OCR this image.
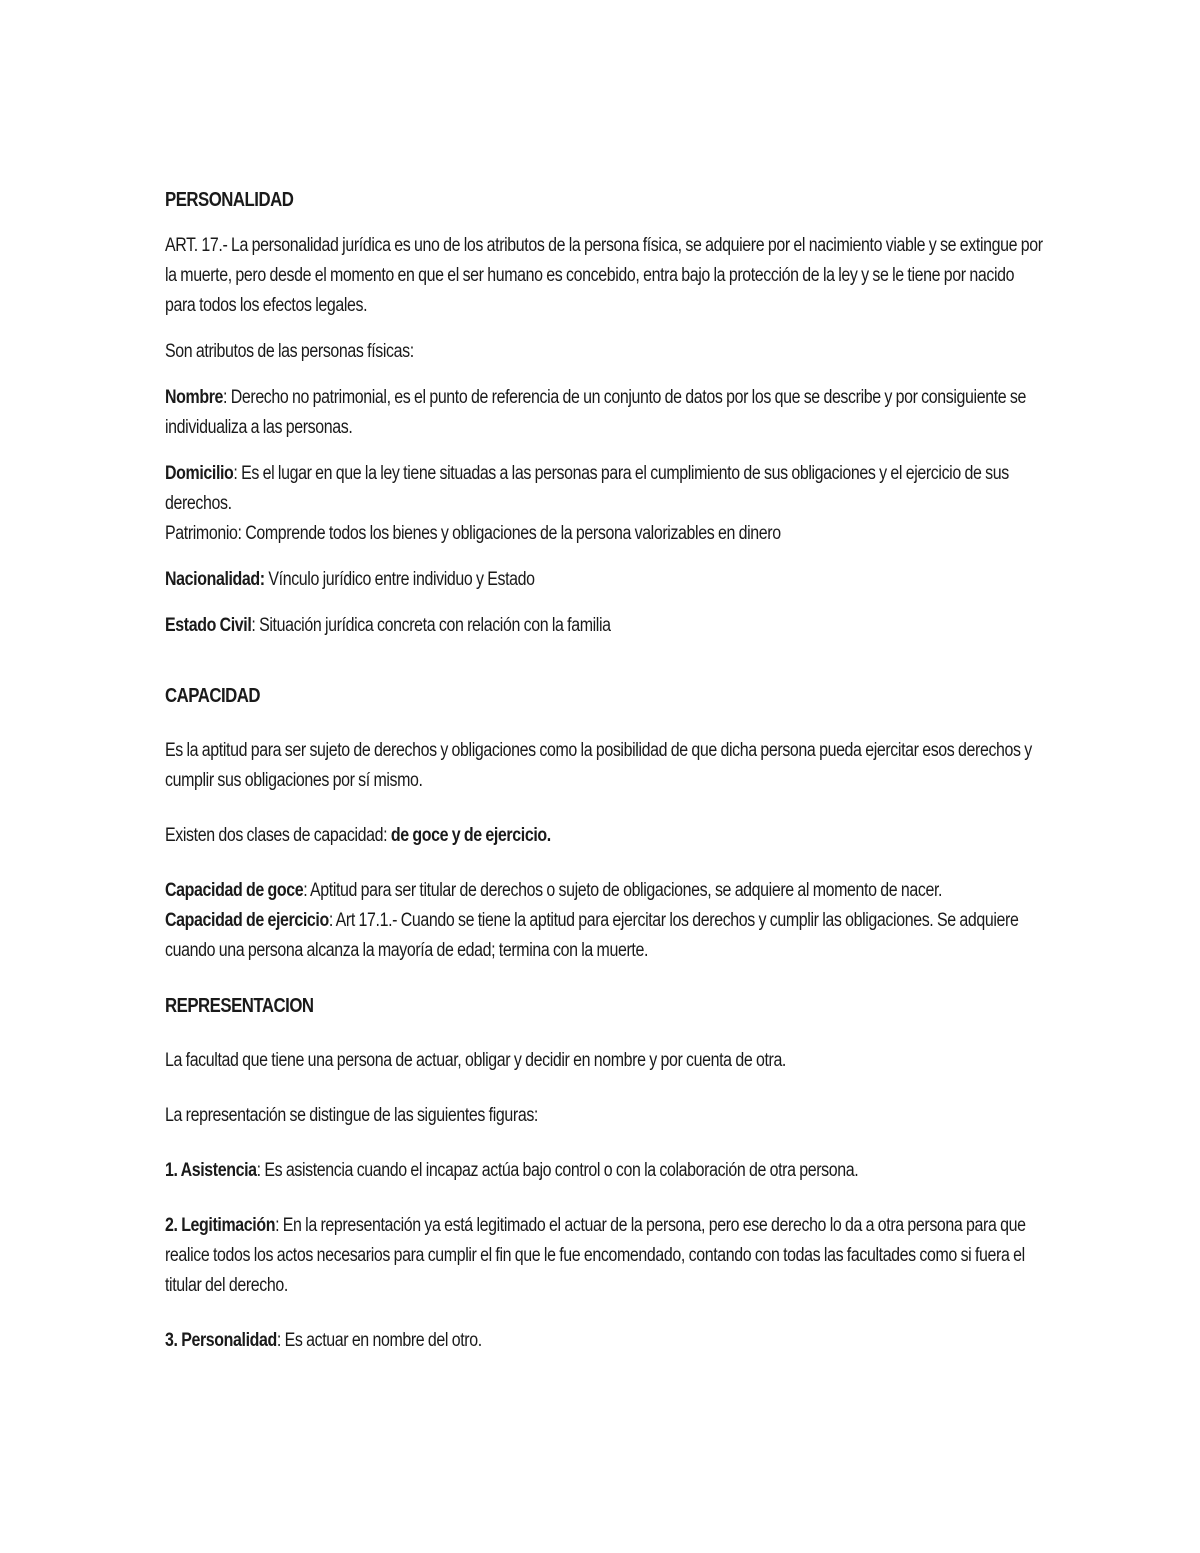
PERSONALIDAD

ART. 17.- La personalidad jurídica es uno de los atributos de la persona física, se adquiere por el nacimiento viable y se extingue por la muerte, pero desde el momento en que el ser humano es concebido, entra bajo la protección de la ley y se le tiene por nacido para todos los efectos legales.

Son atributos de las personas físicas:

Nombre: Derecho no patrimonial, es el punto de referencia de un conjunto de datos por los que se describe y por consiguiente se individualiza a las personas.

Domicilio: Es el lugar en que la ley tiene situadas a las personas para el cumplimiento de sus obligaciones y el ejercicio de sus derechos.

Patrimonio: Comprende todos los bienes y obligaciones de la persona valorizables en dinero

Nacionalidad: Vínculo jurídico entre individuo y Estado

Estado Civil: Situación jurídica concreta con relación con la familia

CAPACIDAD

Es la aptitud para ser sujeto de derechos y obligaciones como la posibilidad de que dicha persona pueda ejercitar esos derechos y cumplir sus obligaciones por sí mismo.

Existen dos clases de capacidad: de goce y de ejercicio.

Capacidad de goce: Aptitud para ser titular de derechos o sujeto de obligaciones, se adquiere al momento de nacer.

Capacidad de ejercicio: Art 17.1.- Cuando se tiene la aptitud para ejercitar los derechos y cumplir las obligaciones. Se adquiere cuando una persona alcanza la mayoría de edad; termina con la muerte.

REPRESENTACION

La facultad que tiene una persona de actuar, obligar y decidir en nombre y por cuenta de otra.

La representación se distingue de las siguientes figuras:

1. Asistencia: Es asistencia cuando el incapaz actúa bajo control o con la colaboración de otra persona.

2. Legitimación: En la representación ya está legitimado el actuar de la persona, pero ese derecho lo da a otra persona para que realice todos los actos necesarios para cumplir el fin que le fue encomendado, contando con todas las facultades como si fuera el titular del derecho.

3. Personalidad: Es actuar en nombre del otro.
